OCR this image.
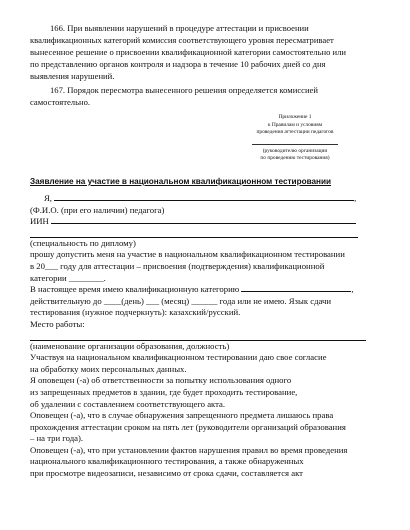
166. При выявлении нарушений в процедуре аттестации и присвоении
квалификационных категорий комиссия соответствующего уровня пересматривает
вынесенное решение о присвоении квалификационной категории самостоятельно или
по представлению органов контроля и надзора в течение 10 рабочих дней со дня
выявления нарушений.
167. Порядок пересмотра вынесенного решения определяется комиссией
самостоятельно.
Приложение 1
к Правилам и условиям
проведения аттестации педагогов
(руководителю организации
по проведению тестирования)
Заявление на участие в национальном квалификационном тестировании
Я,	,
(Ф.И.О. (при его наличии) педагога)
ИИН
(специальность по диплому)
прошу допустить меня на участие в национальном квалификационном тестировании
в 20___ году для аттестации – присвоения (подтверждения) квалификационной
категории ________.
В настоящее время имею квалификационную категорию	,
действительную до ____(день) ___ (месяц) ______ года или не имею. Язык сдачи
тестирования (нужное подчеркнуть): казахский/русский.
Место работы:
(наименование организации образования, должность)
Участвуя на национальном квалификационном тестировании даю свое согласие
на обработку моих персональных данных.
Я оповещен (-а) об ответственности за попытку использования одного
из запрещенных предметов в здании, где будет проходить тестирование,
об удалении с составлением соответствующего акта.
Оповещен (-а), что в случае обнаружения запрещенного предмета лишаюсь права
прохождения аттестации сроком на пять лет (руководители организаций образования
– на три года).
Оповещен (-а), что при установлении фактов нарушения правил во время проведения
национального квалификационного тестирования, а также обнаруженных
при просмотре видеозаписи, независимо от срока сдачи, составляется акт
